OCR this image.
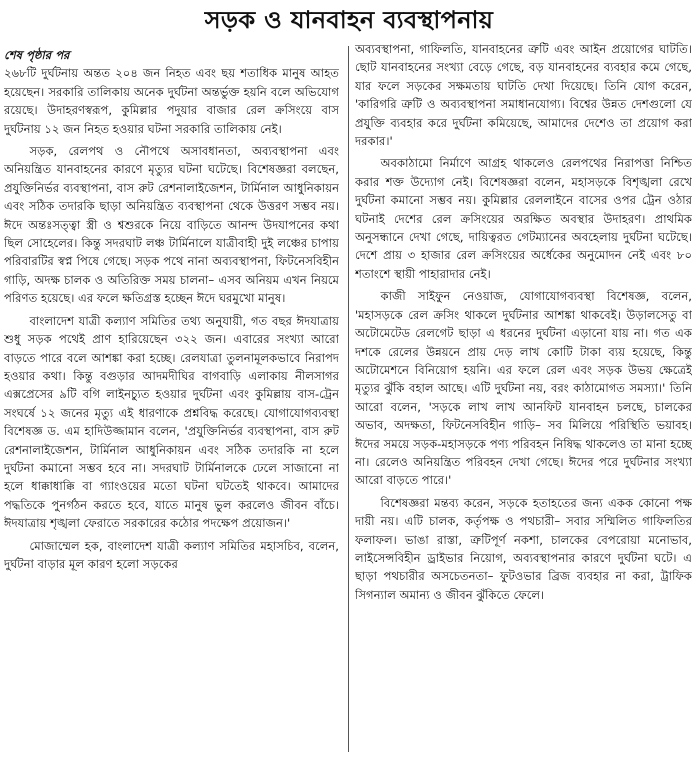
সড়ক ও যানবাহন ব্যবস্থাপনায়

শেষ পৃষ্ঠার পর

২৬৮টি দুর্ঘটনায় অন্তত ২০৪ জন নিহত এবং ছয় শতাধিক মানুষ আহত হয়েছেন। সরকারি তালিকায় অনেক দুর্ঘটনা অন্তর্ভুক্ত হয়নি বলে অভিযোগ রয়েছে। উদাহরণস্বরূপ, কুমিল্লার পদুয়ার বাজার রেল ক্রসিংয়ে বাস দুর্ঘটনায় ১২ জন নিহত হওয়ার ঘটনা সরকারি তালিকায় নেই।

সড়ক, রেলপথ ও নৌপথে অসাবধানতা, অব্যবস্থাপনা এবং অনিয়ন্ত্রিত যানবাহনের কারণে মৃত্যুর ঘটনা ঘটেছে। বিশেষজ্ঞরা বলছেন, প্রযুক্তিনির্ভর ব্যবস্থাপনা, বাস রুট রেশনালাইজেশন, টার্মিনাল আধুনিকায়ন এবং সঠিক তদারকি ছাড়া অনিয়ন্ত্রিত ব্যবস্থাপনা থেকে উত্তরণ সম্ভব নয়। ঈদে অন্তঃসত্ত্বা স্ত্রী ও শ্বশুরকে নিয়ে বাড়িতে আনন্দ উদযাপনের কথা ছিল সোহেলের। কিন্তু সদরঘাট লঞ্চ টার্মিনালে যাত্রীবাহী দুই লঞ্চের চাপায় পরিবারটির স্বপ্ন পিষে গেছে। সড়ক পথে নানা অব্যবস্থাপনা, ফিটনেসবিহীন গাড়ি, অদক্ষ চালক ও অতিরিক্ত সময় চালনা– এসব অনিয়ম এখন নিয়মে পরিণত হয়েছে। এর ফলে ক্ষতিগ্রস্ত হচ্ছেন ঈদে ঘরমুখো মানুষ।

বাংলাদেশ যাত্রী কল্যাণ সমিতির তথ্য অনুযায়ী, গত বছর ঈদযাত্রায় শুধু সড়ক পথেই প্রাণ হারিয়েছেন ৩২২ জন। এবারের সংখ্যা আরো বাড়তে পারে বলে আশঙ্কা করা হচ্ছে। রেলযাত্রা তুলনামূলকভাবে নিরাপদ হওয়ার কথা। কিন্তু বগুড়ার আদমদীঘির বাগবাড়ি এলাকায় নীলসাগর এক্সপ্রেসের ৯টি বগি লাইনচ্যুত হওয়ার দুর্ঘটনা এবং কুমিল্লায় বাস-ট্রেন সংঘর্ষে ১২ জনের মৃত্যু এই ধারণাকে প্রশ্নবিদ্ধ করেছে। যোগাযোগব্যবস্থা বিশেষজ্ঞ ড. এম হাদিউজ্জামান বলেন, 'প্রযুক্তিনির্ভর ব্যবস্থাপনা, বাস রুট রেশনালাইজেশন, টার্মিনাল আধুনিকায়ন এবং সঠিক তদারকি না হলে দুর্ঘটনা কমানো সম্ভব হবে না। সদরঘাট টার্মিনালকে ঢেলে সাজানো না হলে ধাক্কাধাক্কি বা গ্যাংওয়ের মতো ঘটনা ঘটতেই থাকবে। আমাদের পদ্ধতিকে পুনর্গঠন করতে হবে, যাতে মানুষ ভুল করলেও জীবন বাঁচে। ঈদযাত্রায় শৃঙ্খলা ফেরাতে সরকারের কঠোর পদক্ষেপ প্রয়োজন।'

মোজাম্মেল হক, বাংলাদেশ যাত্রী কল্যাণ সমিতির মহাসচিব, বলেন, দুর্ঘটনা বাড়ার মূল কারণ হলো সড়কের

অব্যবস্থাপনা, গাফিলতি, যানবাহনের ত্রুটি এবং আইন প্রয়োগের ঘাটতি। ছোট যানবাহনের সংখ্যা বেড়ে গেছে, বড় যানবাহনের ব্যবহার কমে গেছে, যার ফলে সড়কের সক্ষমতায় ঘাটতি দেখা দিয়েছে। তিনি যোগ করেন, 'কারিগরি ত্রুটি ও অব্যবস্থাপনা সমাধানযোগ্য। বিশ্বের উন্নত দেশগুলো যে প্রযুক্তি ব্যবহার করে দুর্ঘটনা কমিয়েছে, আমাদের দেশেও তা প্রয়োগ করা দরকার।'

অবকাঠামো নির্মাণে আগ্রহ থাকলেও রেলপথের নিরাপত্তা নিশ্চিত করার শক্ত উদ্যোগ নেই। বিশেষজ্ঞরা বলেন, মহাসড়কে বিশৃঙ্খলা রেখে দুর্ঘটনা কমানো সম্ভব নয়। কুমিল্লার রেললাইনে বাসের ওপর ট্রেন ওঠার ঘটনাই দেশের রেল ক্রসিংয়ের অরক্ষিত অবস্থার উদাহরণ। প্রাথমিক অনুসন্ধানে দেখা গেছে, দায়িত্বরত গেটম্যানের অবহেলায় দুর্ঘটনা ঘটেছে। দেশে প্রায় ৩ হাজার রেল ক্রসিংয়ের অর্ধেকের অনুমোদন নেই এবং ৮০ শতাংশে স্থায়ী পাহারাদার নেই।

কাজী সাইফুন নেওয়াজ, যোগাযোগব্যবস্থা বিশেষজ্ঞ, বলেন, 'মহাসড়কে রেল ক্রসিং থাকলে দুর্ঘটনার আশঙ্কা থাকবেই। উড়ালসেতু বা অটোমেটেড রেলগেট ছাড়া এ ধরনের দুর্ঘটনা এড়ানো যায় না। গত এক দশকে রেলের উন্নয়নে প্রায় দেড় লাখ কোটি টাকা ব্যয় হয়েছে, কিন্তু অটোমেশনে বিনিয়োগ হয়নি। এর ফলে রেল এবং সড়ক উভয় ক্ষেত্রেই মৃত্যুর ঝুঁকি বহাল আছে। এটি দুর্ঘটনা নয়, বরং কাঠামোগত সমস্যা।' তিনি আরো বলেন, 'সড়কে লাখ লাখ আনফিট যানবাহন চলছে, চালকের অভাব, অদক্ষতা, ফিটনেসবিহীন গাড়ি– সব মিলিয়ে পরিস্থিতি ভয়াবহ। ঈদের সময়ে সড়ক-মহাসড়কে পণ্য পরিবহন নিষিদ্ধ থাকলেও তা মানা হচ্ছে না। রেলেও অনিয়ন্ত্রিত পরিবহন দেখা গেছে। ঈদের পরে দুর্ঘটনার সংখ্যা আরো বাড়তে পারে।'

বিশেষজ্ঞরা মন্তব্য করেন, সড়কে হতাহতের জন্য একক কোনো পক্ষ দায়ী নয়। এটি চালক, কর্তৃপক্ষ ও পথচারী– সবার সম্মিলিত গাফিলতির ফলাফল। ভাঙা রাস্তা, ত্রুটিপূর্ণ নকশা, চালকের বেপরোয়া মনোভাব, লাইসেন্সবিহীন ড্রাইভার নিয়োগ, অব্যবস্থাপনার কারণে দুর্ঘটনা ঘটে। এ ছাড়া পথচারীর অসচেতনতা– ফুটওভার ব্রিজ ব্যবহার না করা, ট্রাফিক সিগন্যাল অমান্য ও জীবন ঝুঁকিতে ফেলে।
